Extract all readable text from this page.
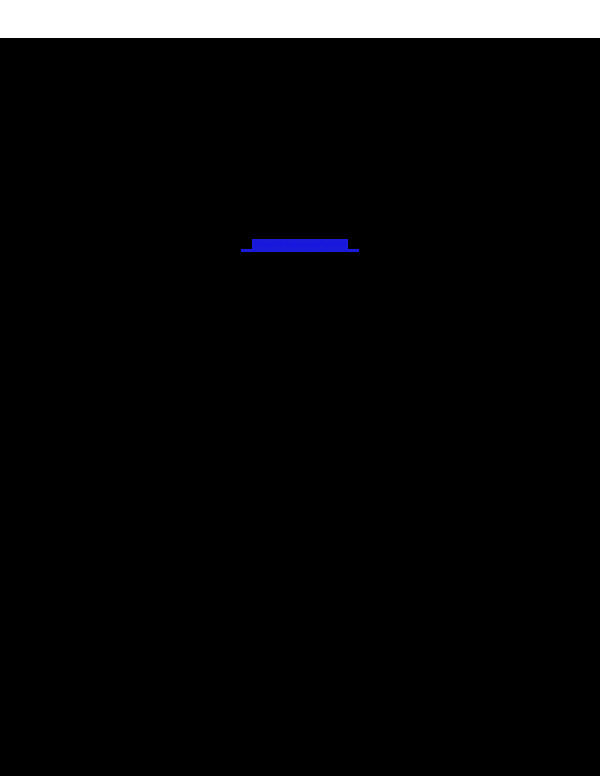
www.cheatographycom
